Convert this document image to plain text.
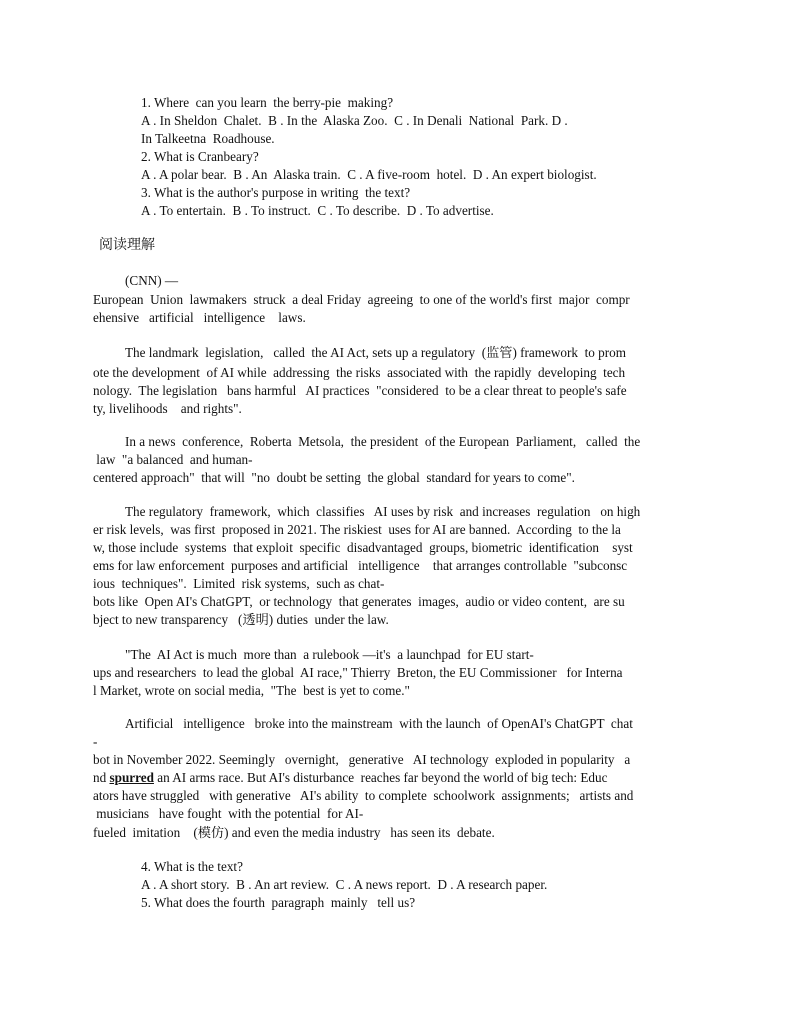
1. Where  can you learn  the berry-pie  making?
A . In Sheldon  Chalet.  B . In the  Alaska Zoo.  C . In Denali  National  Park. D .
In Talkeetna  Roadhouse.
2. What is Cranbeary?
A . A polar bear.  B . An  Alaska train.  C . A five-room  hotel.  D . An expert biologist.
3. What is the author's purpose in writing  the text?
A . To entertain.  B . To instruct.  C . To describe.  D . To advertise.
阅读理解
(CNN) —
European  Union  lawmakers  struck  a deal Friday  agreeing  to one of the world's first  major  compr
ehensive   artificial   intelligence    laws.
The landmark  legislation,   called  the AI Act, sets up a regulatory  (监管) framework  to prom
ote the development  of AI while  addressing  the risks  associated with  the rapidly  developing  tech
nology.  The legislation   bans harmful   AI practices  "considered  to be a clear threat to people's safe
ty, livelihoods    and rights".
In a news  conference,  Roberta  Metsola,  the president  of the European  Parliament,   called  the
law  "a balanced  and human-
centered approach"  that will  "no  doubt be setting  the global  standard for years to come".
The regulatory  framework,  which  classifies   AI uses by risk  and increases  regulation   on high
er risk levels,  was first  proposed in 2021. The riskiest  uses for AI are banned.  According  to the la
w, those include  systems  that exploit  specific  disadvantaged  groups, biometric  identification    syst
ems for law enforcement  purposes and artificial   intelligence    that arranges controllable  "subconsc
ious  techniques".  Limited  risk systems,  such as chat-
bots like  Open AI's ChatGPT,  or technology  that generates  images,  audio or video content,  are su
bject to new transparency   (透明) duties  under the law.
"The  AI Act is much  more than  a rulebook —it's  a launchpad  for EU start-
ups and researchers  to lead the global  AI race," Thierry  Breton, the EU Commissioner   for Interna
l Market, wrote on social media,  "The  best is yet to come."
Artificial   intelligence   broke into the mainstream  with the launch  of OpenAI's ChatGPT  chat
-
bot in November 2022. Seemingly   overnight,   generative   AI technology  exploded in popularity   a
nd spurred an AI arms race. But AI's disturbance  reaches far beyond the world of big tech: Educ
ators have struggled   with generative   AI's ability  to complete  schoolwork  assignments;   artists and
musicians   have fought  with the potential  for AI-
fueled  imitation    (模仿) and even the media industry   has seen its  debate.
4. What is the text?
A . A short story.  B . An art review.  C . A news report.  D . A research paper.
5. What does the fourth  paragraph  mainly   tell us?
